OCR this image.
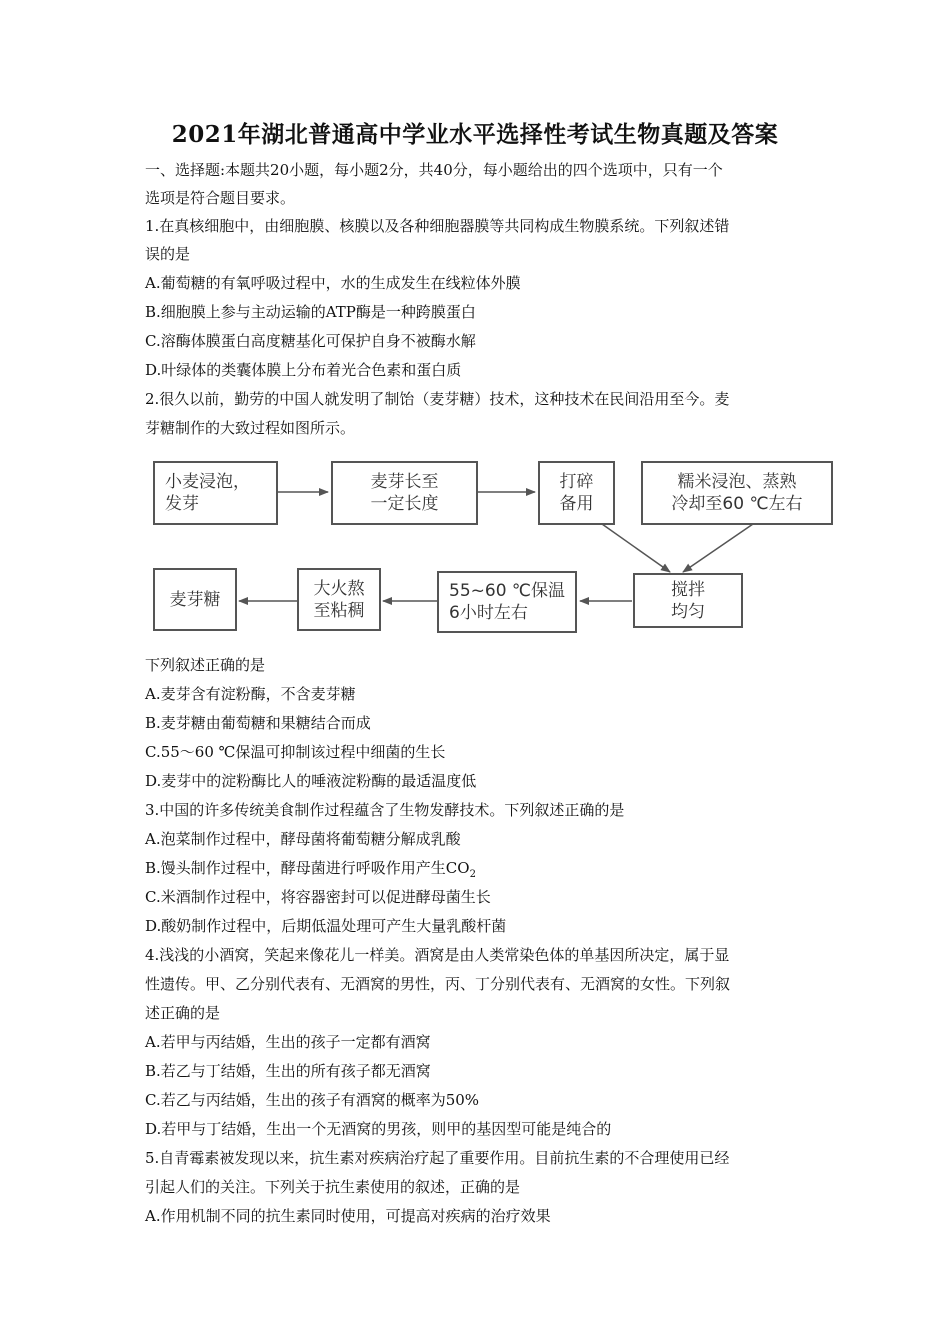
2021年湖北普通高中学业水平选择性考试生物真题及答案
一、选择题:本题共20小题，每小题2分，共40分，每小题给出的四个选项中，只有一个
选项是符合题目要求。
1.在真核细胞中，由细胞膜、核膜以及各种细胞器膜等共同构成生物膜系统。下列叙述错
误的是
A.葡萄糖的有氧呼吸过程中，水的生成发生在线粒体外膜
B.细胞膜上参与主动运输的ATP酶是一种跨膜蛋白
C.溶酶体膜蛋白高度糖基化可保护自身不被酶水解
D.叶绿体的类囊体膜上分布着光合色素和蛋白质
2.很久以前，勤劳的中国人就发明了制饴（麦芽糖）技术，这种技术在民间沿用至今。麦
芽糖制作的大致过程如图所示。
小麦浸泡，
发芽
麦芽长至
一定长度
打碎
备用
糯米浸泡、蒸熟
冷却至60 ℃左右
搅拌
均匀
55~60 ℃保温
6小时左右
大火熬
至粘稠
麦芽糖
下列叙述正确的是
A.麦芽含有淀粉酶，不含麦芽糖
B.麦芽糖由葡萄糖和果糖结合而成
C.55～60 ℃保温可抑制该过程中细菌的生长
D.麦芽中的淀粉酶比人的唾液淀粉酶的最适温度低
3.中国的许多传统美食制作过程蕴含了生物发酵技术。下列叙述正确的是
A.泡菜制作过程中，酵母菌将葡萄糖分解成乳酸
B.馒头制作过程中，酵母菌进行呼吸作用产生$CO_2$
C.米酒制作过程中，将容器密封可以促进酵母菌生长
D.酸奶制作过程中，后期低温处理可产生大量乳酸杆菌
4.浅浅的小酒窝，笑起来像花儿一样美。酒窝是由人类常染色体的单基因所决定，属于显
性遗传。甲、乙分别代表有、无酒窝的男性，丙、丁分别代表有、无酒窝的女性。下列叙
述正确的是
A.若甲与丙结婚，生出的孩子一定都有酒窝
B.若乙与丁结婚，生出的所有孩子都无酒窝
C.若乙与丙结婚，生出的孩子有酒窝的概率为50%
D.若甲与丁结婚，生出一个无酒窝的男孩，则甲的基因型可能是纯合的
5.自青霉素被发现以来，抗生素对疾病治疗起了重要作用。目前抗生素的不合理使用已经
引起人们的关注。下列关于抗生素使用的叙述，正确的是
A.作用机制不同的抗生素同时使用，可提高对疾病的治疗效果
